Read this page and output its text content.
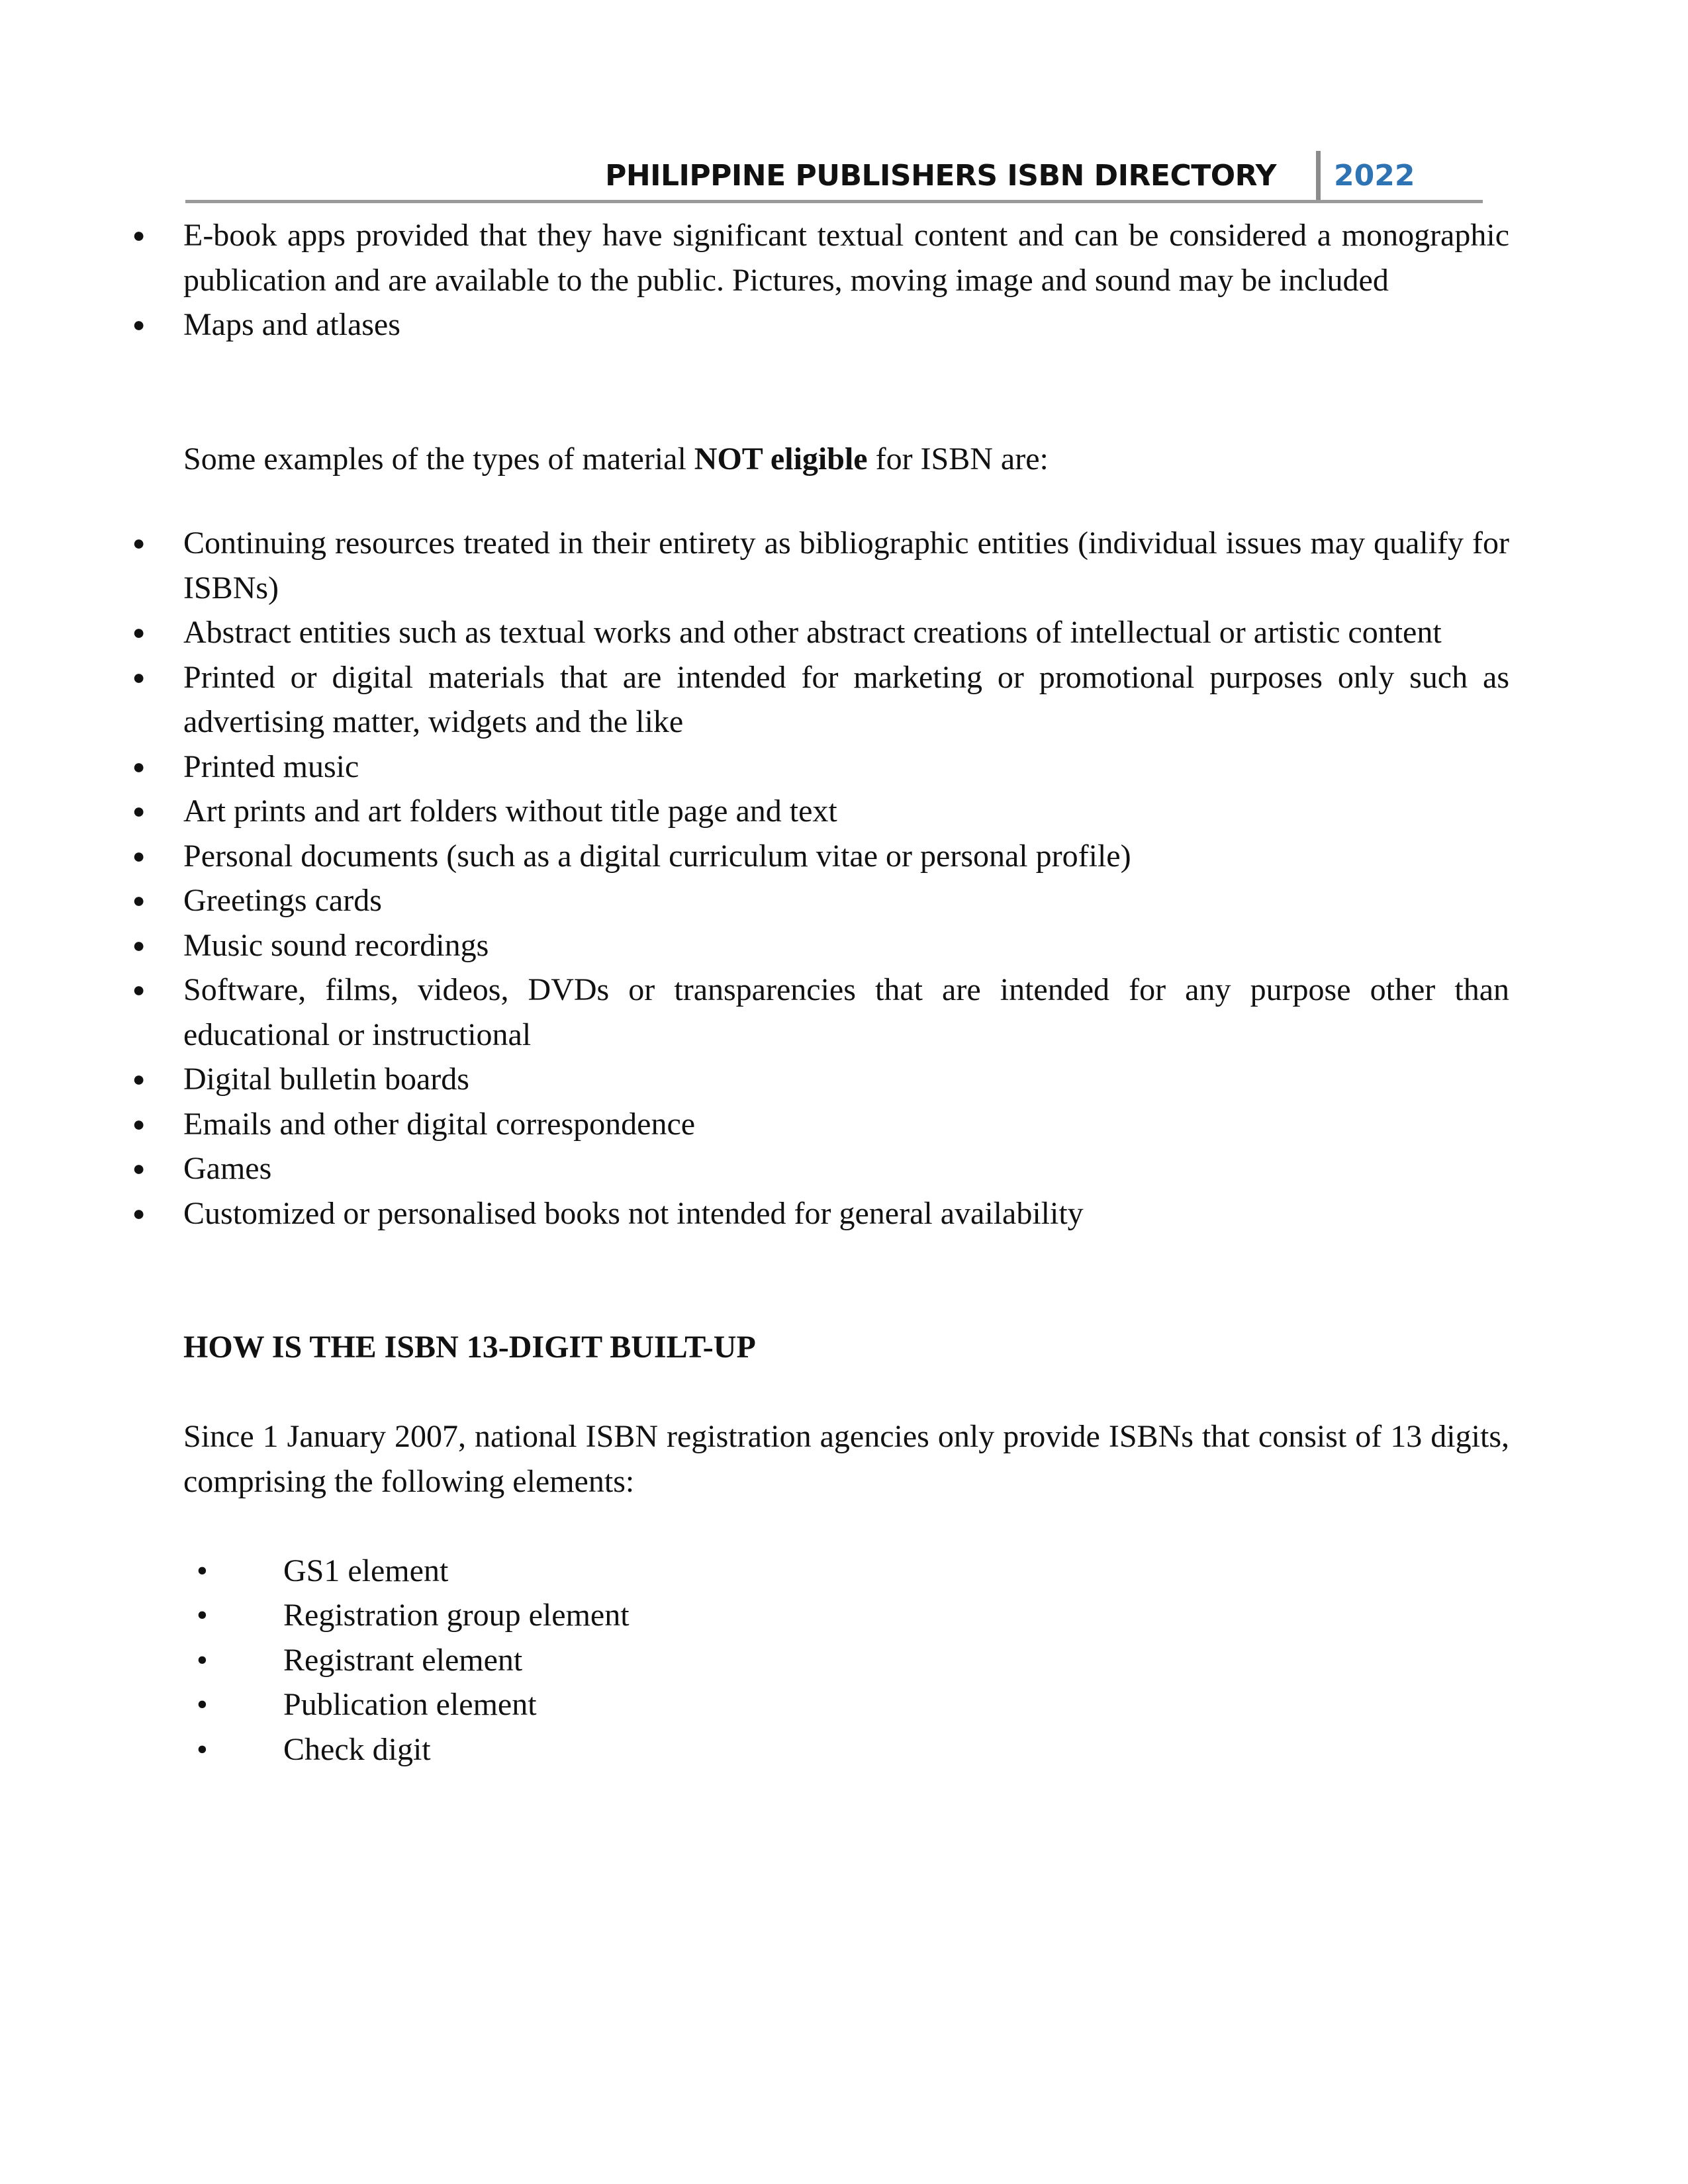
PHILIPPINE PUBLISHERS ISBN DIRECTORY 2022
● E-book apps provided that they have significant textual content and can be considered a monographic publication and are available to the public. Pictures, moving image and sound may be included
● Maps and atlases

Some examples of the types of material NOT eligible for ISBN are:

● Continuing resources treated in their entirety as bibliographic entities (individual issues may qualify for ISBNs)
● Abstract entities such as textual works and other abstract creations of intellectual or artistic content
● Printed or digital materials that are intended for marketing or promotional purposes only such as advertising matter, widgets and the like
● Printed music
● Art prints and art folders without title page and text
● Personal documents (such as a digital curriculum vitae or personal profile)
● Greetings cards
● Music sound recordings
● Software, films, videos, DVDs or transparencies that are intended for any purpose other than educational or instructional
● Digital bulletin boards
● Emails and other digital correspondence
● Games
● Customized or personalised books not intended for general availability

HOW IS THE ISBN 13-DIGIT BUILT-UP

Since 1 January 2007, national ISBN registration agencies only provide ISBNs that consist of 13 digits, comprising the following elements:

• GS1 element
• Registration group element
• Registrant element
• Publication element
• Check digit
